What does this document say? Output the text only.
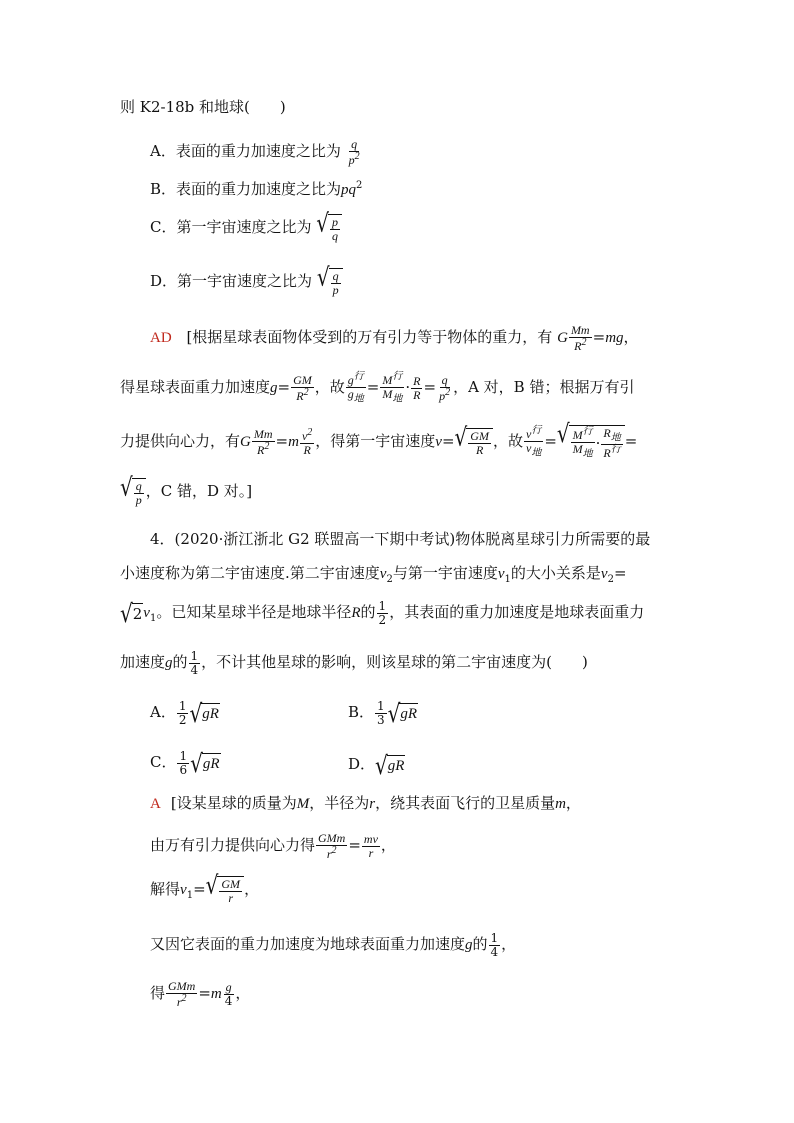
则 K2-18b 和地球(　　)
A．表面的重力加速度之比为 $\frac{q}{p^2}$
B．表面的重力加速度之比为$pq^2$
C．第一宇宙速度之比为 √ $\frac{p}{q}$
D．第一宇宙速度之比为 √ $\frac{q}{p}$
AD [根据星球表面物体受到的万有引力等于物体的重力，有 G $\frac{Mm}{R^2} =mg$，
得星球表面重力加速度$g= \frac{GM}{R^2}$ ，故 $\frac{g^行}{g_地} = \frac{M^行}{M_地} \cdot \frac{R}{R} = \frac{q}{p^2}$ ，A 对，B 错；根据万有引
力提供向心力，有G $\frac{Mm}{R^2} =m \frac{v^2}{R}$ ，得第一宇宙速度v= √ $\frac{GM}{R}$ ，故 $\frac{v^行}{v_地}$ = √ $\frac{M^行}{M_地} \cdot \frac{R_地}{R^行}$ =
√ $\frac{q}{p}$ ，C 错，D 对。]
4．(2020·浙江浙北 G2 联盟高一下期中考试)物体脱离星球引力所需要的最
小速度称为第二宇宙速度.第二宇宙速度$v_2$与第一宇宙速度$v_1$的大小关系是$v_2=$
√ 2 $v_1$。已知某星球半径是地球半径R的 $\frac{1}{2}$ ，其表面的重力加速度是地球表面重力
加速度g的 $\frac{1}{4}$ ，不计其他星球的影响，则该星球的第二宇宙速度为(　　)
A． $\frac{1}{2}$ √ gR	B． $\frac{1}{3}$ √ gR
C． $\frac{1}{6}$ √ gR	D． √ gR
A [设某星球的质量为M，半径为r，绕其表面飞行的卫星质量m，
由万有引力提供向心力得 $\frac{\text{GMm}}{r^2} = \frac{mv}{r}$ ，
解得$v_1=$ √ $\frac{GM}{r}$ ，
又因它表面的重力加速度为地球表面重力加速度g的 $\frac{1}{4}$ ，
得 $\frac{\text{GMm}}{r^2} =m \frac{g}{4}$ ，
